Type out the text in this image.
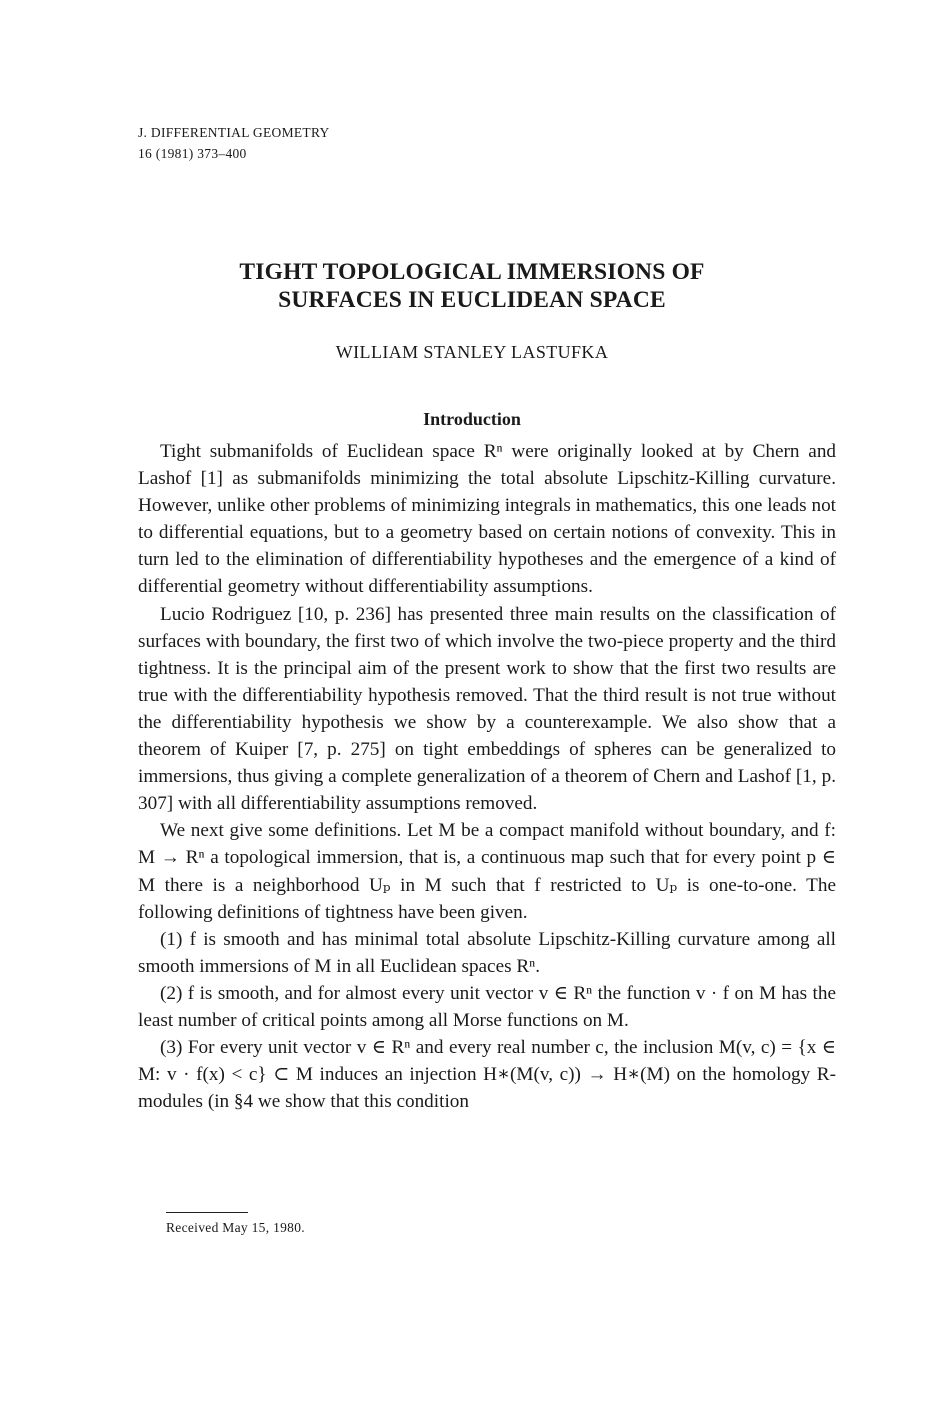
J. DIFFERENTIAL GEOMETRY
16 (1981) 373–400
TIGHT TOPOLOGICAL IMMERSIONS OF
SURFACES IN EUCLIDEAN SPACE
WILLIAM STANLEY LASTUFKA
Introduction

Tight submanifolds of Euclidean space Rⁿ were originally looked at by Chern and Lashof [1] as submanifolds minimizing the total absolute Lipschitz-Killing curvature. However, unlike other problems of minimizing integrals in mathematics, this one leads not to differential equations, but to a geometry based on certain notions of convexity. This in turn led to the elimination of differentiability hypotheses and the emergence of a kind of differential geometry without differentiability assumptions.

Lucio Rodriguez [10, p. 236] has presented three main results on the classification of surfaces with boundary, the first two of which involve the two-piece property and the third tightness. It is the principal aim of the present work to show that the first two results are true with the differentiability hypothesis removed. That the third result is not true without the differentiability hypothesis we show by a counterexample. We also show that a theorem of Kuiper [7, p. 275] on tight embeddings of spheres can be generalized to immersions, thus giving a complete generalization of a theorem of Chern and Lashof [1, p. 307] with all differentiability assumptions removed.

We next give some definitions. Let M be a compact manifold without boundary, and f: M → Rⁿ a topological immersion, that is, a continuous map such that for every point p ∈ M there is a neighborhood Uₚ in M such that f restricted to Uₚ is one-to-one. The following definitions of tightness have been given.

(1) f is smooth and has minimal total absolute Lipschitz-Killing curvature among all smooth immersions of M in all Euclidean spaces Rⁿ.

(2) f is smooth, and for almost every unit vector v ∈ Rⁿ the function v · f on M has the least number of critical points among all Morse functions on M.

(3) For every unit vector v ∈ Rⁿ and every real number c, the inclusion M(v, c) = {x ∈ M: v · f(x) < c} ⊂ M induces an injection H∗(M(v, c)) → H∗(M) on the homology R-modules (in §4 we show that this condition

Received May 15, 1980.
